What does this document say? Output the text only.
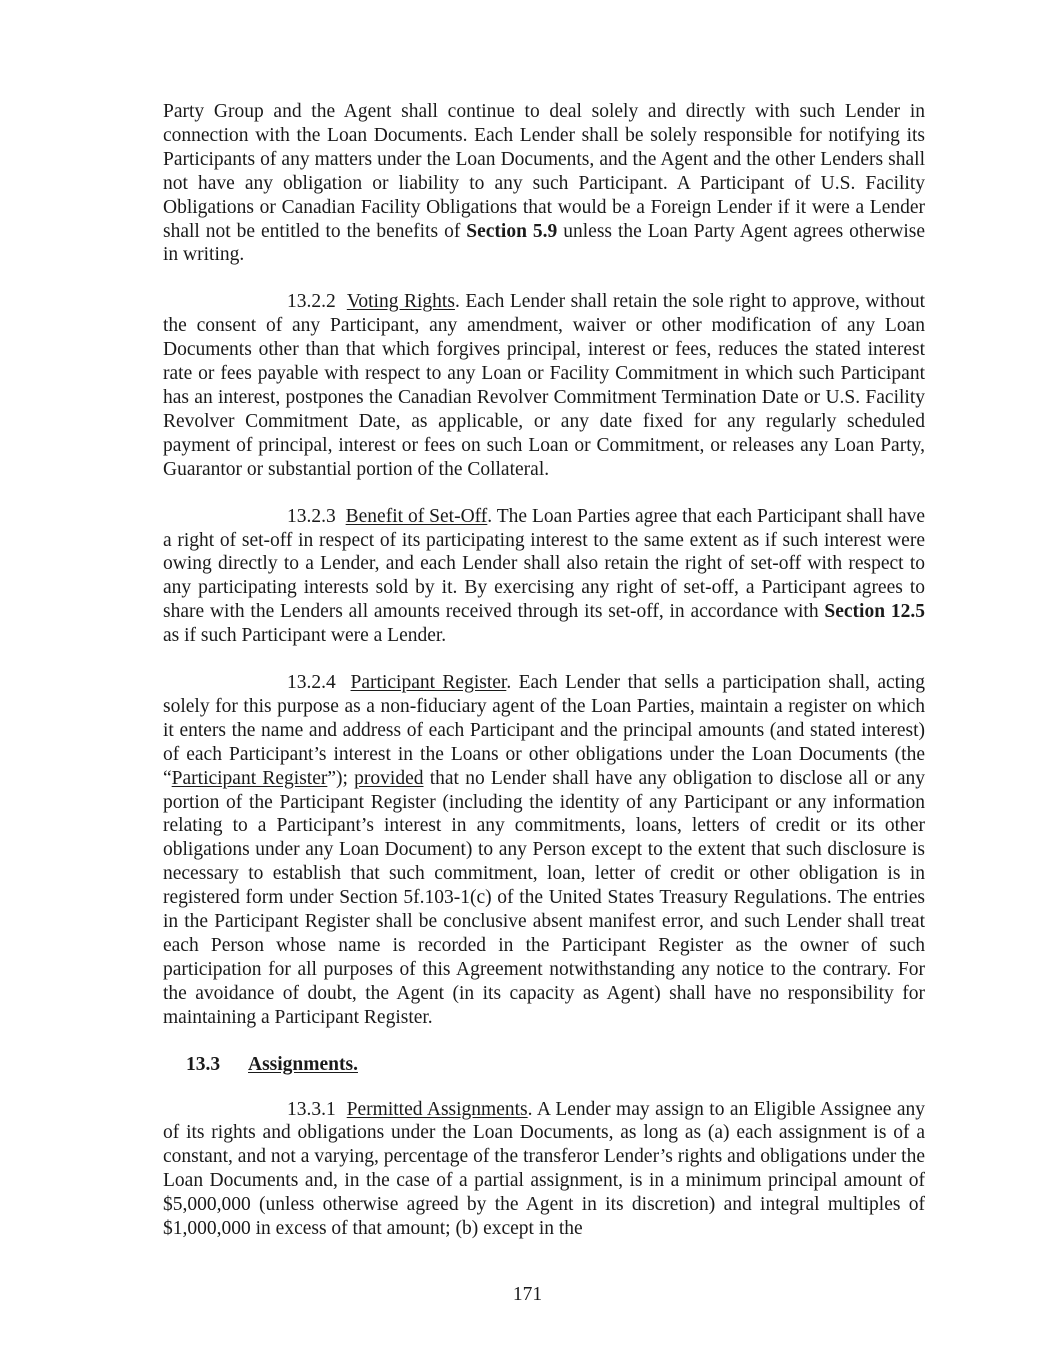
Party Group and the Agent shall continue to deal solely and directly with such Lender in connection with the Loan Documents. Each Lender shall be solely responsible for notifying its Participants of any matters under the Loan Documents, and the Agent and the other Lenders shall not have any obligation or liability to any such Participant. A Participant of U.S. Facility Obligations or Canadian Facility Obligations that would be a Foreign Lender if it were a Lender shall not be entitled to the benefits of Section 5.9 unless the Loan Party Agent agrees otherwise in writing.

13.2.2 Voting Rights. Each Lender shall retain the sole right to approve, without the consent of any Participant, any amendment, waiver or other modification of any Loan Documents other than that which forgives principal, interest or fees, reduces the stated interest rate or fees payable with respect to any Loan or Facility Commitment in which such Participant has an interest, postpones the Canadian Revolver Commitment Termination Date or U.S. Facility Revolver Commitment Date, as applicable, or any date fixed for any regularly scheduled payment of principal, interest or fees on such Loan or Commitment, or releases any Loan Party, Guarantor or substantial portion of the Collateral.

13.2.3 Benefit of Set-Off. The Loan Parties agree that each Participant shall have a right of set-off in respect of its participating interest to the same extent as if such interest were owing directly to a Lender, and each Lender shall also retain the right of set-off with respect to any participating interests sold by it. By exercising any right of set-off, a Participant agrees to share with the Lenders all amounts received through its set-off, in accordance with Section 12.5 as if such Participant were a Lender.

13.2.4 Participant Register. Each Lender that sells a participation shall, acting solely for this purpose as a non-fiduciary agent of the Loan Parties, maintain a register on which it enters the name and address of each Participant and the principal amounts (and stated interest) of each Participant’s interest in the Loans or other obligations under the Loan Documents (the “Participant Register”); provided that no Lender shall have any obligation to disclose all or any portion of the Participant Register (including the identity of any Participant or any information relating to a Participant’s interest in any commitments, loans, letters of credit or its other obligations under any Loan Document) to any Person except to the extent that such disclosure is necessary to establish that such commitment, loan, letter of credit or other obligation is in registered form under Section 5f.103-1(c) of the United States Treasury Regulations. The entries in the Participant Register shall be conclusive absent manifest error, and such Lender shall treat each Person whose name is recorded in the Participant Register as the owner of such participation for all purposes of this Agreement notwithstanding any notice to the contrary. For the avoidance of doubt, the Agent (in its capacity as Agent) shall have no responsibility for maintaining a Participant Register.

13.3 Assignments.

13.3.1 Permitted Assignments. A Lender may assign to an Eligible Assignee any of its rights and obligations under the Loan Documents, as long as (a) each assignment is of a constant, and not a varying, percentage of the transferor Lender’s rights and obligations under the Loan Documents and, in the case of a partial assignment, is in a minimum principal amount of $5,000,000 (unless otherwise agreed by the Agent in its discretion) and integral multiples of $1,000,000 in excess of that amount; (b) except in the

171
